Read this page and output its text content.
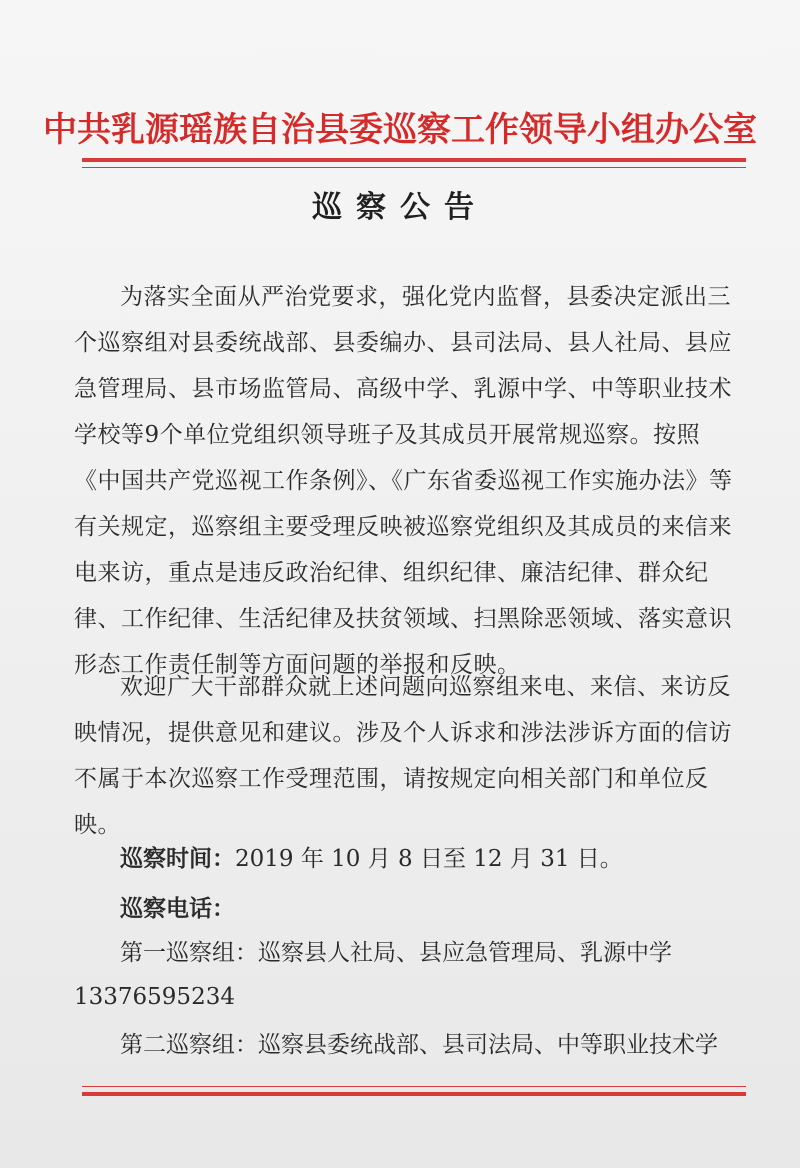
中共乳源瑶族自治县委巡察工作领导小组办公室
巡察公告

为落实全面从严治党要求，强化党内监督，县委决定派出三个巡察组对县委统战部、县委编办、县司法局、县人社局、县应急管理局、县市场监管局、高级中学、乳源中学、中等职业技术学校等9个单位党组织领导班子及其成员开展常规巡察。按照《中国共产党巡视工作条例》、《广东省委巡视工作实施办法》等有关规定，巡察组主要受理反映被巡察党组织及其成员的来信来电来访，重点是违反政治纪律、组织纪律、廉洁纪律、群众纪律、工作纪律、生活纪律及扶贫领域、扫黑除恶领域、落实意识形态工作责任制等方面问题的举报和反映。

欢迎广大干部群众就上述问题向巡察组来电、来信、来访反映情况，提供意见和建议。涉及个人诉求和涉法涉诉方面的信访不属于本次巡察工作受理范围，请按规定向相关部门和单位反映。

巡察时间：2019 年 10 月 8 日至 12 月 31 日。
巡察电话：
第一巡察组：巡察县人社局、县应急管理局、乳源中学
13376595234
第二巡察组：巡察县委统战部、县司法局、中等职业技术学
